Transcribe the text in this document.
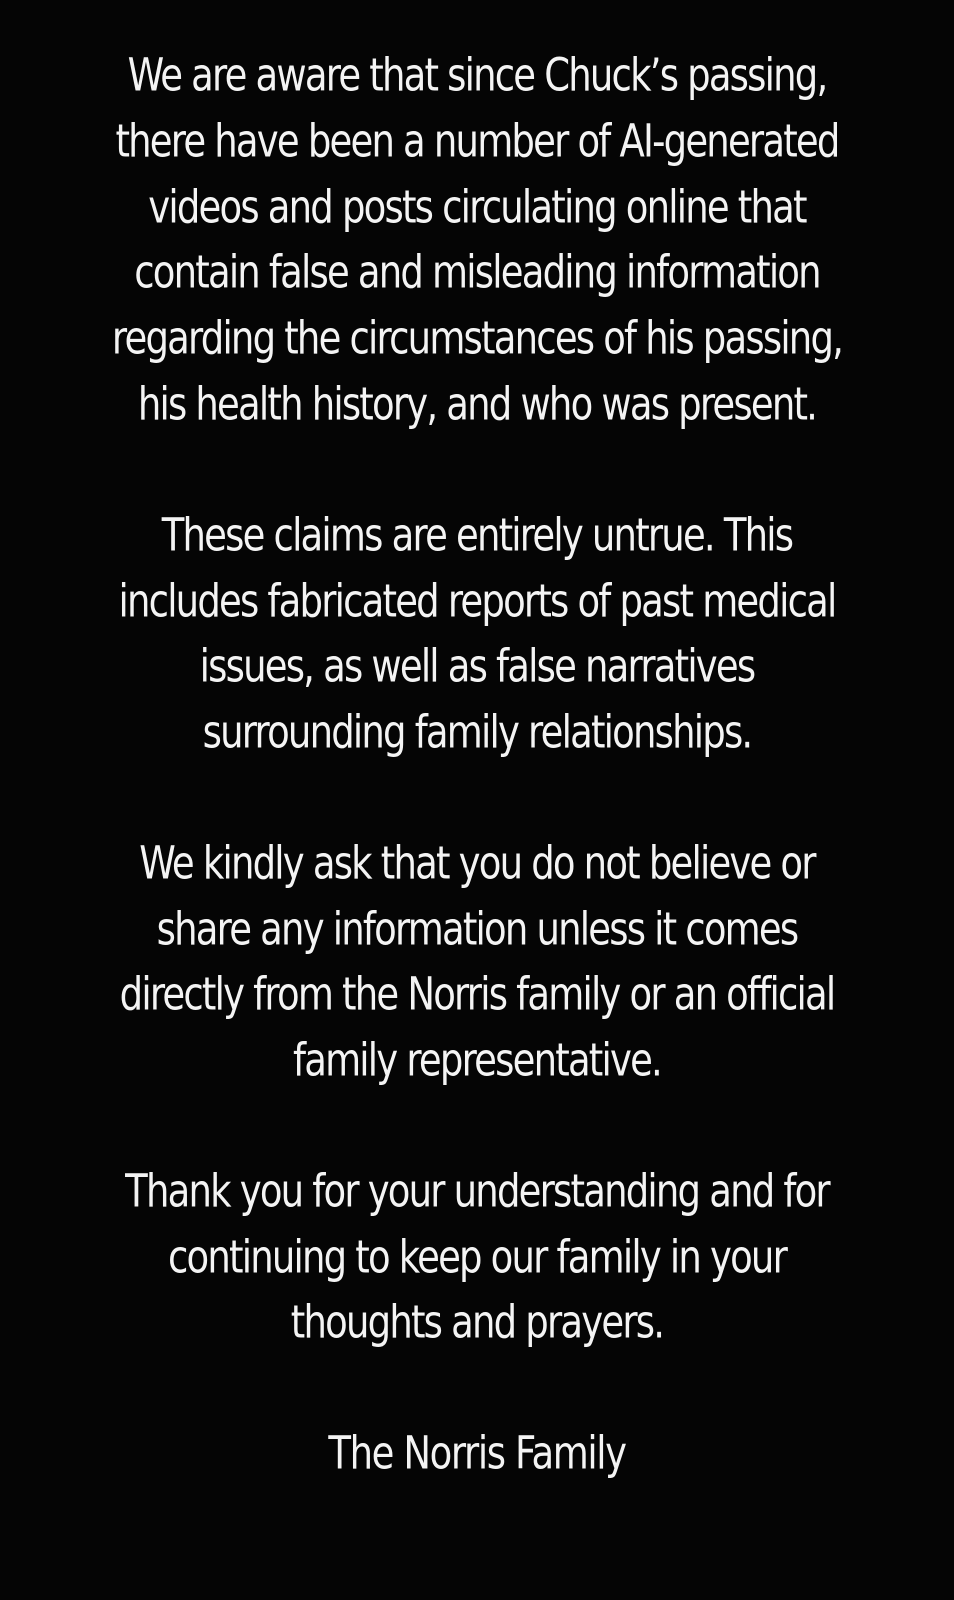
We are aware that since Chuck’s passing,
there have been a number of AI-generated
videos and posts circulating online that
contain false and misleading information
regarding the circumstances of his passing,
his health history, and who was present.
These claims are entirely untrue. This
includes fabricated reports of past medical
issues, as well as false narratives
surrounding family relationships.
We kindly ask that you do not believe or
share any information unless it comes
directly from the Norris family or an official
family representative.
Thank you for your understanding and for
continuing to keep our family in your
thoughts and prayers.
The Norris Family
